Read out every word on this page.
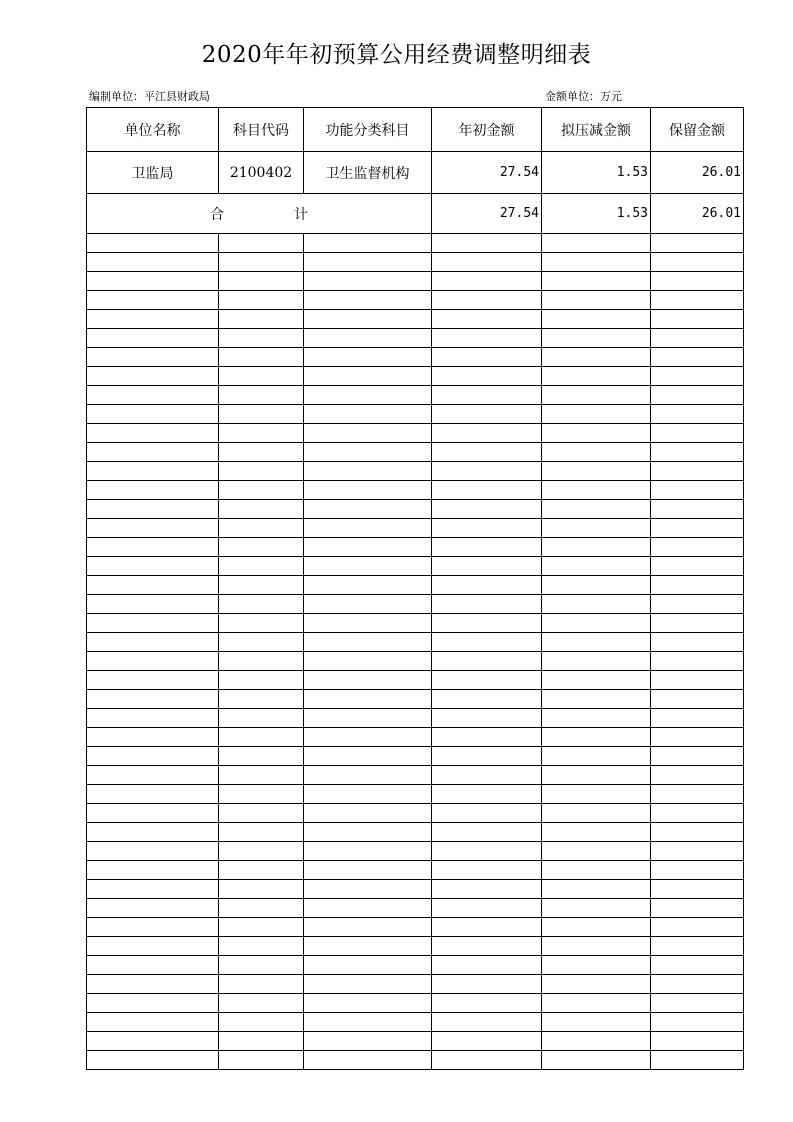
2020年年初预算公用经费调整明细表
编制单位：平江县财政局	金额单位：万元
单位名称	科目代码	功能分类科目	年初金额	拟压减金额	保留金额
卫监局	2100402	卫生监督机构	27.54	1.53	26.01
合 计			27.54	1.53	26.01
